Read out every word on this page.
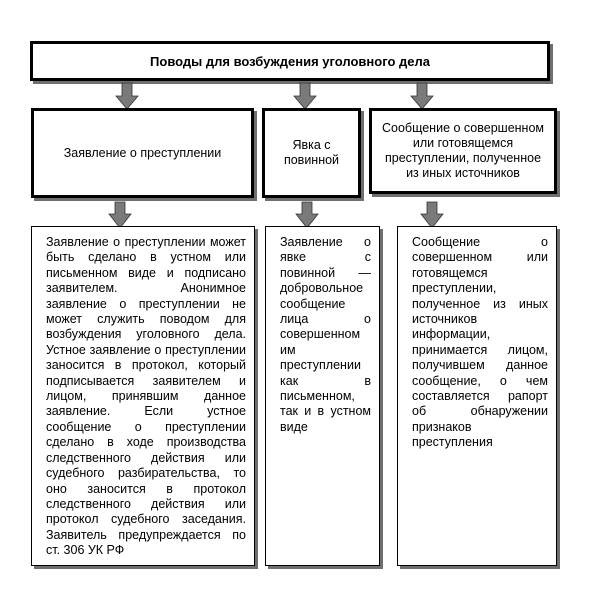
Поводы для возбуждения уголовного дела
Заявление о преступлении
Явка с повинной
Сообщение о совершенном или готовящемся преступлении, полученное из иных источников
Заявление о преступлении может быть сделано в устном или письменном виде и подписано заявителем. Анонимное заявление о преступлении не может служить поводом для возбуждения уголовного дела. Устное заявление о преступлении заносится в протокол, который подписывается заявителем и лицом, принявшим данное заявление. Если устное сообщение о преступлении сделано в ходе производства следственного действия или судебного разбирательства, то оно заносится в протокол следственного действия или протокол судебного заседания. Заявитель предупреждается по ст. 306 УК РФ
Заявление о явке с повинной — добровольное сообщение лица о совершенном им преступлении как в письменном, так и в устном виде
Сообщение о совершенном или готовящемся преступлении, полученное из иных источников информации, принимается лицом, получившем данное сообщение, о чем составляется рапорт об обнаружении признаков преступления
